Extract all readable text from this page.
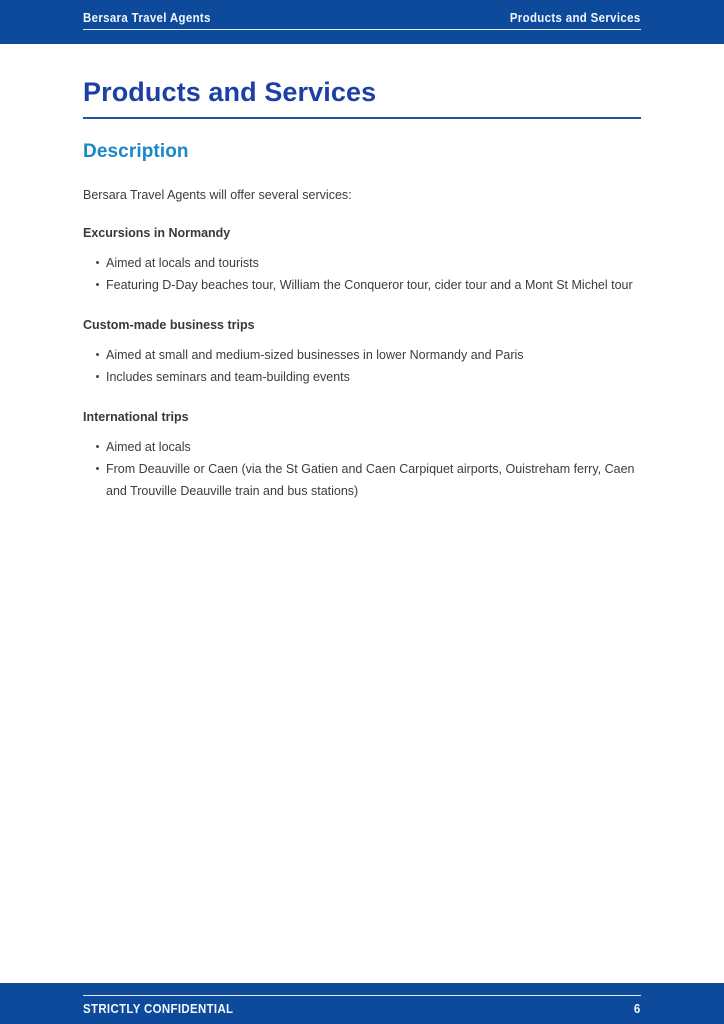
Bersara Travel Agents	Products and Services
Products and Services
Description

Bersara Travel Agents will offer several services:

Excursions in Normandy
Aimed at locals and tourists
Featuring D-Day beaches tour, William the Conqueror tour, cider tour and a Mont St Michel tour
Custom-made business trips
Aimed at small and medium-sized businesses in lower Normandy and Paris
Includes seminars and team-building events
International trips
Aimed at locals
From Deauville or Caen (via the St Gatien and Caen Carpiquet airports, Ouistreham ferry, Caen and Trouville Deauville train and bus stations)
STRICTLY CONFIDENTIAL	6
